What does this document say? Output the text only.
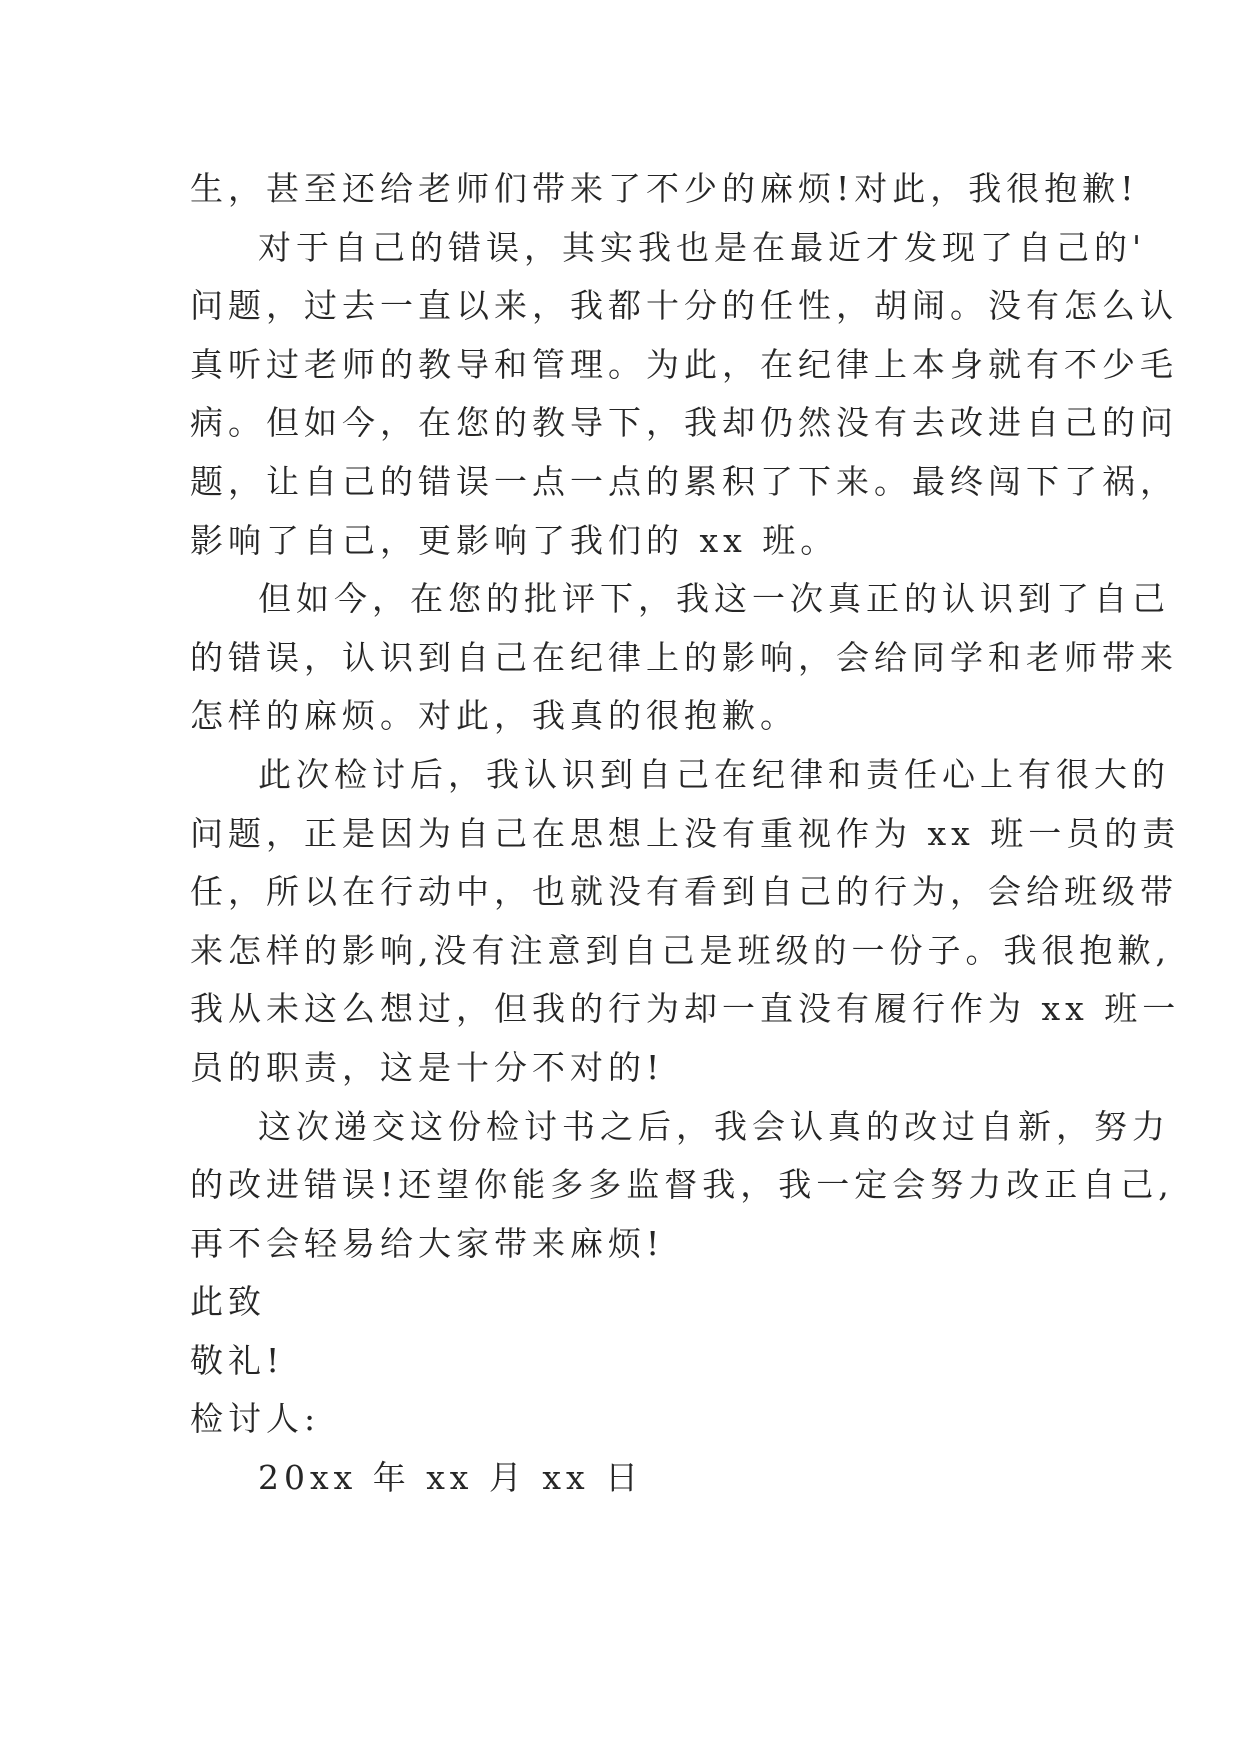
生，甚至还给老师们带来了不少的麻烦!对此，我很抱歉!
对于自己的错误，其实我也是在最近才发现了自己的'
问题，过去一直以来，我都十分的任性，胡闹。没有怎么认
真听过老师的教导和管理。为此，在纪律上本身就有不少毛
病。但如今，在您的教导下，我却仍然没有去改进自己的问
题，让自己的错误一点一点的累积了下来。最终闯下了祸，
影响了自己，更影响了我们的 xx 班。
但如今，在您的批评下，我这一次真正的认识到了自己
的错误，认识到自己在纪律上的影响，会给同学和老师带来
怎样的麻烦。对此，我真的很抱歉。
此次检讨后，我认识到自己在纪律和责任心上有很大的
问题，正是因为自己在思想上没有重视作为 xx 班一员的责
任，所以在行动中，也就没有看到自己的行为，会给班级带
来怎样的影响,没有注意到自己是班级的一份子。我很抱歉,
我从未这么想过，但我的行为却一直没有履行作为 xx 班一
员的职责，这是十分不对的!
这次递交这份检讨书之后，我会认真的改过自新，努力
的改进错误!还望你能多多监督我，我一定会努力改正自己,
再不会轻易给大家带来麻烦!
此致
敬礼!
检讨人:
20xx 年 xx 月 xx 日
